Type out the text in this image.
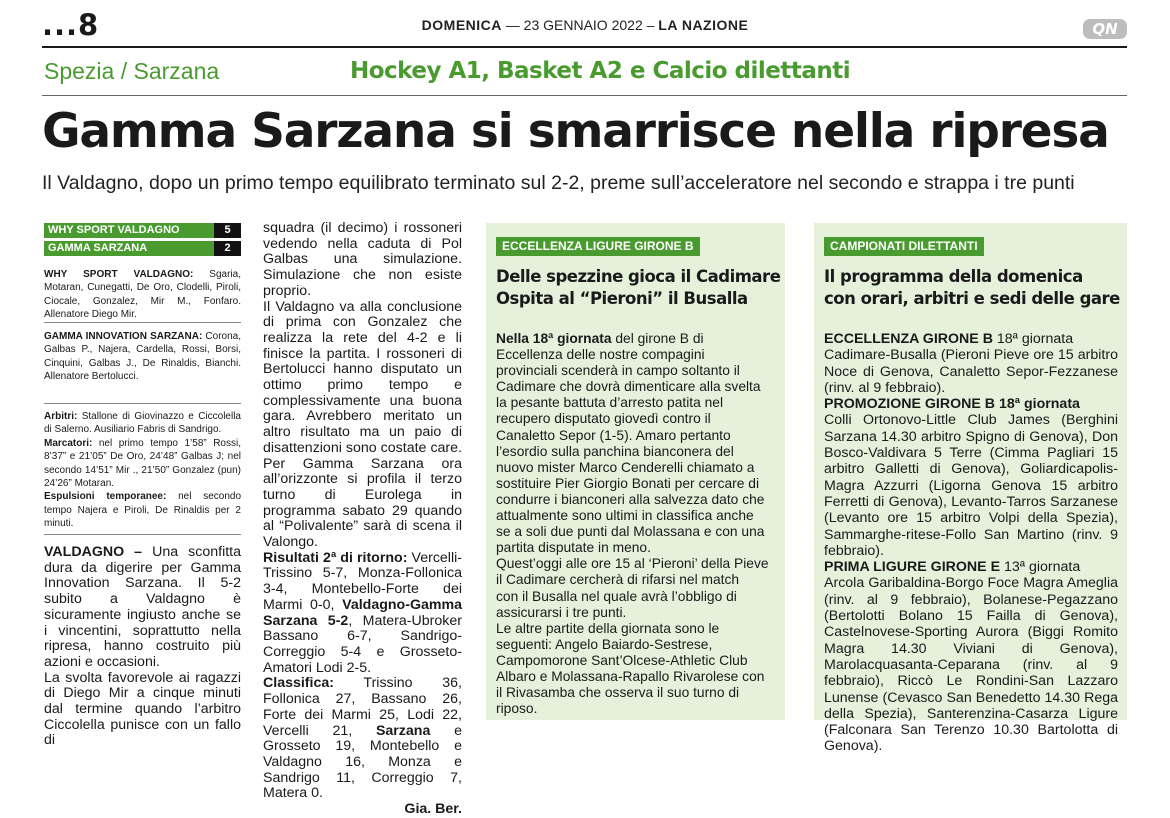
...8	DOMENICA — 23 GENNAIO 2022 – LA NAZIONE	QN
Spezia / Sarzana	Hockey A1, Basket A2 e Calcio dilettanti
Gamma Sarzana si smarrisce nella ripresa
Il Valdagno, dopo un primo tempo equilibrato terminato sul 2-2, preme sull’acceleratore nel secondo e strappa i tre punti
WHY SPORT VALDAGNO	5
GAMMA SARZANA	2
WHY SPORT VALDAGNO: Sgaria, Motaran, Cunegatti, De Oro, Clodelli, Piroli, Ciocale, Gonzalez, Mir M., Fonfaro. Allenatore Diego Mir.
GAMMA INNOVATION SARZANA: Corona, Galbas P., Najera, Cardella, Rossi, Borsi, Cinquini, Galbas J., De Rinaldis, Bianchi. Allenatore Bertolucci.
Arbitri: Stallone di Giovinazzo e Ciccolella di Salerno. Ausiliario Fabris di Sandrigo.
Marcatori: nel primo tempo 1’58” Rossi, 8’37” e 21’05” De Oro, 24’48” Galbas J; nel secondo 14’51” Mir ., 21’50” Gonzalez (pun) 24’26” Motaran.
Espulsioni temporanee: nel secondo tempo Najera e Piroli, De Rinaldis per 2 minuti.
VALDAGNO – Una sconfitta dura da digerire per Gamma Innovation Sarzana. Il 5-2 subito a Valdagno è sicuramente ingiusto anche se i vincentini, soprattutto nella ripresa, hanno costruito più azioni e occasioni.
La svolta favorevole ai ragazzi di Diego Mir a cinque minuti dal termine quando l’arbitro Ciccolella punisce con un fallo di
squadra (il decimo) i rossoneri vedendo nella caduta di Pol Galbas una simulazione. Simulazione che non esiste proprio.
Il Valdagno va alla conclusione di prima con Gonzalez che realizza la rete del 4-2 e li finisce la partita. I rossoneri di Bertolucci hanno disputato un ottimo primo tempo e complessivamente una buona gara. Avrebbero meritato un altro risultato ma un paio di disattenzioni sono costate care. Per Gamma Sarzana ora all’orizzonte si profila il terzo turno di Eurolega in programma sabato 29 quando al “Polivalente” sarà di scena il Valongo.
Risultati 2ª di ritorno: Vercelli-Trissino 5-7, Monza-Follonica 3-4, Montebello-Forte dei Marmi 0-0, Valdagno-Gamma Sarzana 5-2, Matera-Ubroker Bassano 6-7, Sandrigo-Correggio 5-4 e Grosseto-Amatori Lodi 2-5.
Classifica: Trissino 36, Follonica 27, Bassano 26, Forte dei Marmi 25, Lodi 22, Vercelli 21, Sarzana e Grosseto 19, Montebello e Valdagno 16, Monza e Sandrigo 11, Correggio 7, Matera 0.
Gia. Ber.
ECCELLENZA LIGURE GIRONE B
Delle spezzine gioca il Cadimare
Ospita al “Pieroni” il Busalla
Nella 18ª giornata del girone B di
Eccellenza delle nostre compagini
provinciali scenderà in campo soltanto il
Cadimare che dovrà dimenticare alla svelta
la pesante battuta d’arresto patita nel
recupero disputato giovedì contro il
Canaletto Sepor (1-5). Amaro pertanto
l’esordio sulla panchina bianconera del
nuovo mister Marco Cenderelli chiamato a
sostituire Pier Giorgio Bonati per cercare di
condurre i bianconeri alla salvezza dato che
attualmente sono ultimi in classifica anche
se a soli due punti dal Molassana e con una
partita disputate in meno.
Quest’oggi alle ore 15 al ‘Pieroni’ della Pieve
il Cadimare cercherà di rifarsi nel match
con il Busalla nel quale avrà l’obbligo di
assicurarsi i tre punti.
Le altre partite della giornata sono le
seguenti: Angelo Baiardo-Sestrese,
Campomorone Sant’Olcese-Athletic Club
Albaro e Molassana-Rapallo Rivarolese con
il Rivasamba che osserva il suo turno di
riposo.
CAMPIONATI DILETTANTI
Il programma della domenica
con orari, arbitri e sedi delle gare
ECCELLENZA GIRONE B 18ª giornata
Cadimare-Busalla (Pieroni Pieve ore 15 arbitro Noce di Genova, Canaletto Sepor-Fezzanese (rinv. al 9 febbraio).
PROMOZIONE GIRONE B 18ª giornata
Colli Ortonovo-Little Club James (Berghini Sarzana 14.30 arbitro Spigno di Genova), Don Bosco-Valdivara 5 Terre (Cimma Pagliari 15 arbitro Galletti di Genova), Goliardicapolis-Magra Azzurri (Ligorna Genova 15 arbitro Ferretti di Genova), Levanto-Tarros Sarzanese (Levanto ore 15 arbitro Volpi della Spezia), Sammarghe-ritese-Follo San Martino (rinv. 9 febbraio).
PRIMA LIGURE GIRONE E 13ª giornata
Arcola Garibaldina-Borgo Foce Magra Ameglia (rinv. al 9 febbraio), Bolanese-Pegazzano (Bertolotti Bolano 15 Failla di Genova), Castelnovese-Sporting Aurora (Biggi Romito Magra 14.30 Viviani di Genova), Marolacquasanta-Ceparana (rinv. al 9 febbraio), Riccò Le Rondini-San Lazzaro Lunense (Cevasco San Benedetto 14.30 Rega della Spezia), Santerenzina-Casarza Ligure (Falconara San Terenzo 10.30 Bartolotta di Genova).
